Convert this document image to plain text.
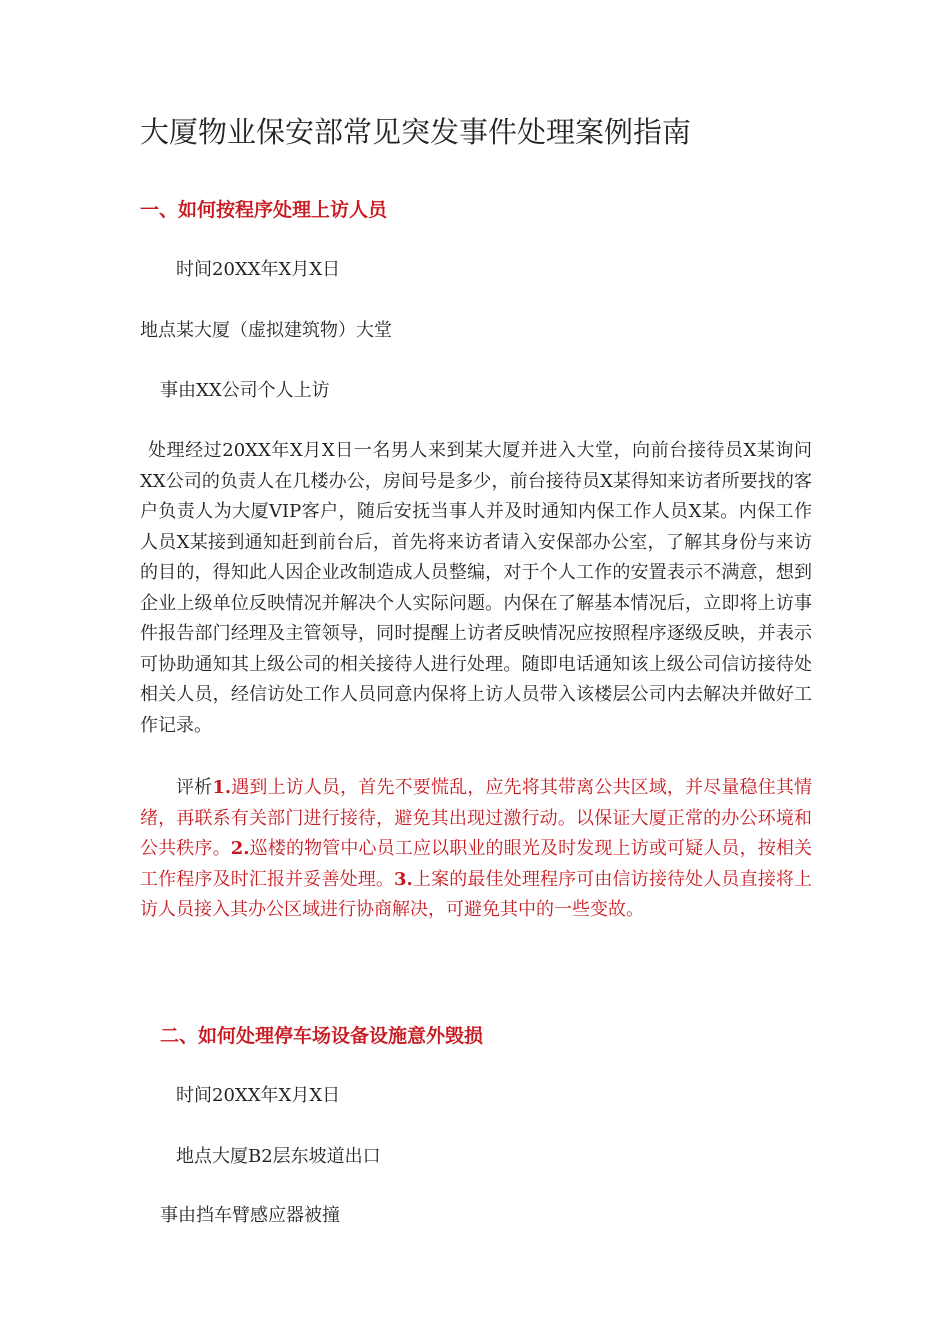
大厦物业保安部常见突发事件处理案例指南
一、如何按程序处理上访人员

时间20XX年X月X日

地点某大厦（虚拟建筑物）大堂

事由XX公司个人上访

处理经过20XX年X月X日一名男人来到某大厦并进入大堂，向前台接待员X某询问XX公司的负责人在几楼办公，房间号是多少，前台接待员X某得知来访者所要找的客户负责人为大厦VIP客户，随后安抚当事人并及时通知内保工作人员X某。内保工作人员X某接到通知赶到前台后，首先将来访者请入安保部办公室，了解其身份与来访的目的，得知此人因企业改制造成人员整编，对于个人工作的安置表示不满意，想到企业上级单位反映情况并解决个人实际问题。内保在了解基本情况后，立即将上访事件报告部门经理及主管领导，同时提醒上访者反映情况应按照程序逐级反映，并表示可协助通知其上级公司的相关接待人进行处理。随即电话通知该上级公司信访接待处相关人员，经信访处工作人员同意内保将上访人员带入该楼层公司内去解决并做好工作记录。

评析1.遇到上访人员，首先不要慌乱，应先将其带离公共区域，并尽量稳住其情绪，再联系有关部门进行接待，避免其出现过激行动。以保证大厦正常的办公环境和公共秩序。2.巡楼的物管中心员工应以职业的眼光及时发现上访或可疑人员，按相关工作程序及时汇报并妥善处理。3.上案的最佳处理程序可由信访接待处人员直接将上访人员接入其办公区域进行协商解决，可避免其中的一些变故。

二、如何处理停车场设备设施意外毁损

时间20XX年X月X日

地点大厦B2层东坡道出口

事由挡车臂感应器被撞
